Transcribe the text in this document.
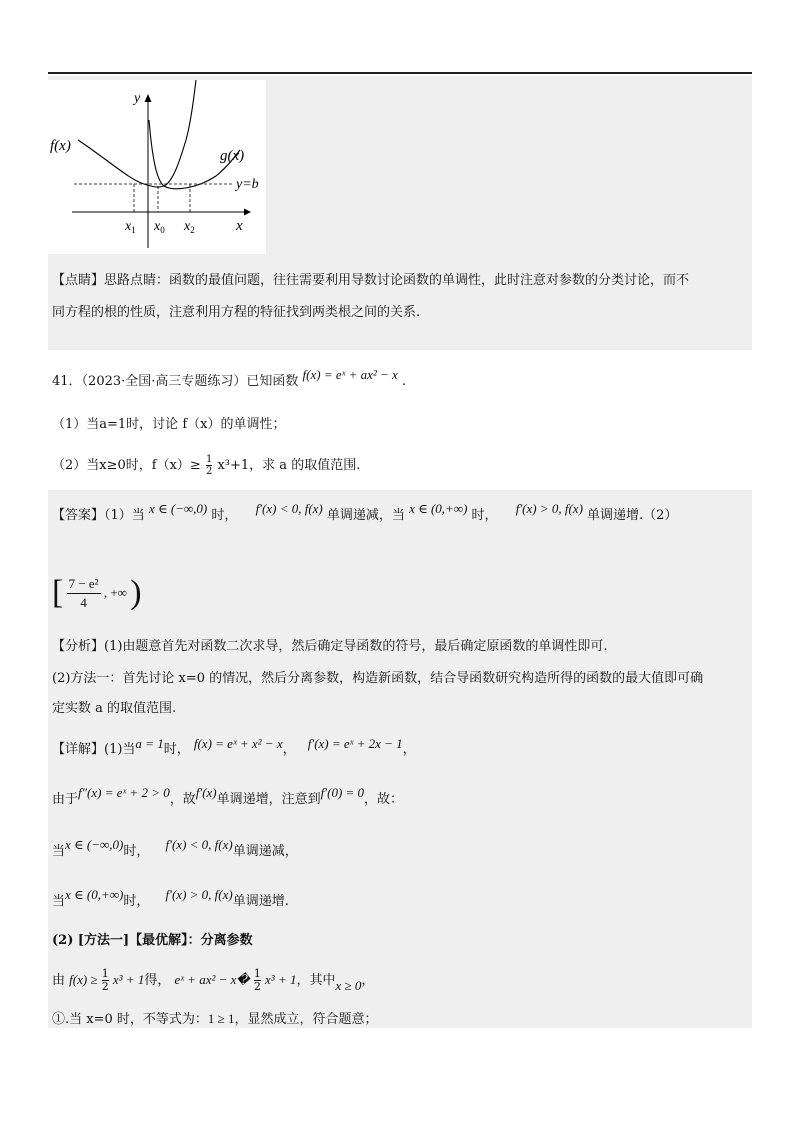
f(x)
g(x)
y
x
y=b
$x_1$ $x_0$ $x_2$
【点睛】思路点睛：函数的最值问题，往往需要利用导数讨论函数的单调性，此时注意对参数的分类讨论，而不
同方程的根的性质，注意利用方程的特征找到两类根之间的关系.
41．（2023·全国·高三专题练习）已知函数 f(x) = eˣ + ax² − x .
（1）当a=1时，讨论 f（x）的单调性；
（2）当x≥0时，$f(x)\ge \frac{1}{2} x^3+1$，求 a 的取值范围.
【答案】（1）当 x ∈ (−∞,0) 时， f′(x) < 0, f(x) 单调递减，当 x ∈ (0,+∞) 时， f′(x) > 0, f(x) 单调递增.（2）
[ $\frac{\text{7 − e²}}{4}$ , +∞ )
【分析】(1)由题意首先对函数二次求导，然后确定导函数的符号，最后确定原函数的单调性即可.
(2)方法一：首先讨论 x=0 的情况，然后分离参数，构造新函数，结合导函数研究构造所得的函数的最大值即可确
定实数 a 的取值范围.
【详解】(1)当a = 1时， f(x) = eˣ + x² − x， f′(x) = eˣ + 2x − 1，
由于f″(x) = eˣ + 2 > 0，故f′(x)单调递增，注意到f′(0) = 0，故：
当x ∈ (−∞,0)时， f′(x) < 0, f(x)单调递减，
当x ∈ (0,+∞)时， f′(x) > 0, f(x)单调递增.
(2) [方法一]【最优解】：分离参数
由 $f(x) \ge \frac{1}{2} x^3 + 1$得， eˣ + ax² − x� $\frac{1}{2} x^3 + 1$，其中x ≥ 0，
①.当 x=0 时，不等式为：1 ≥ 1，显然成立，符合题意；
